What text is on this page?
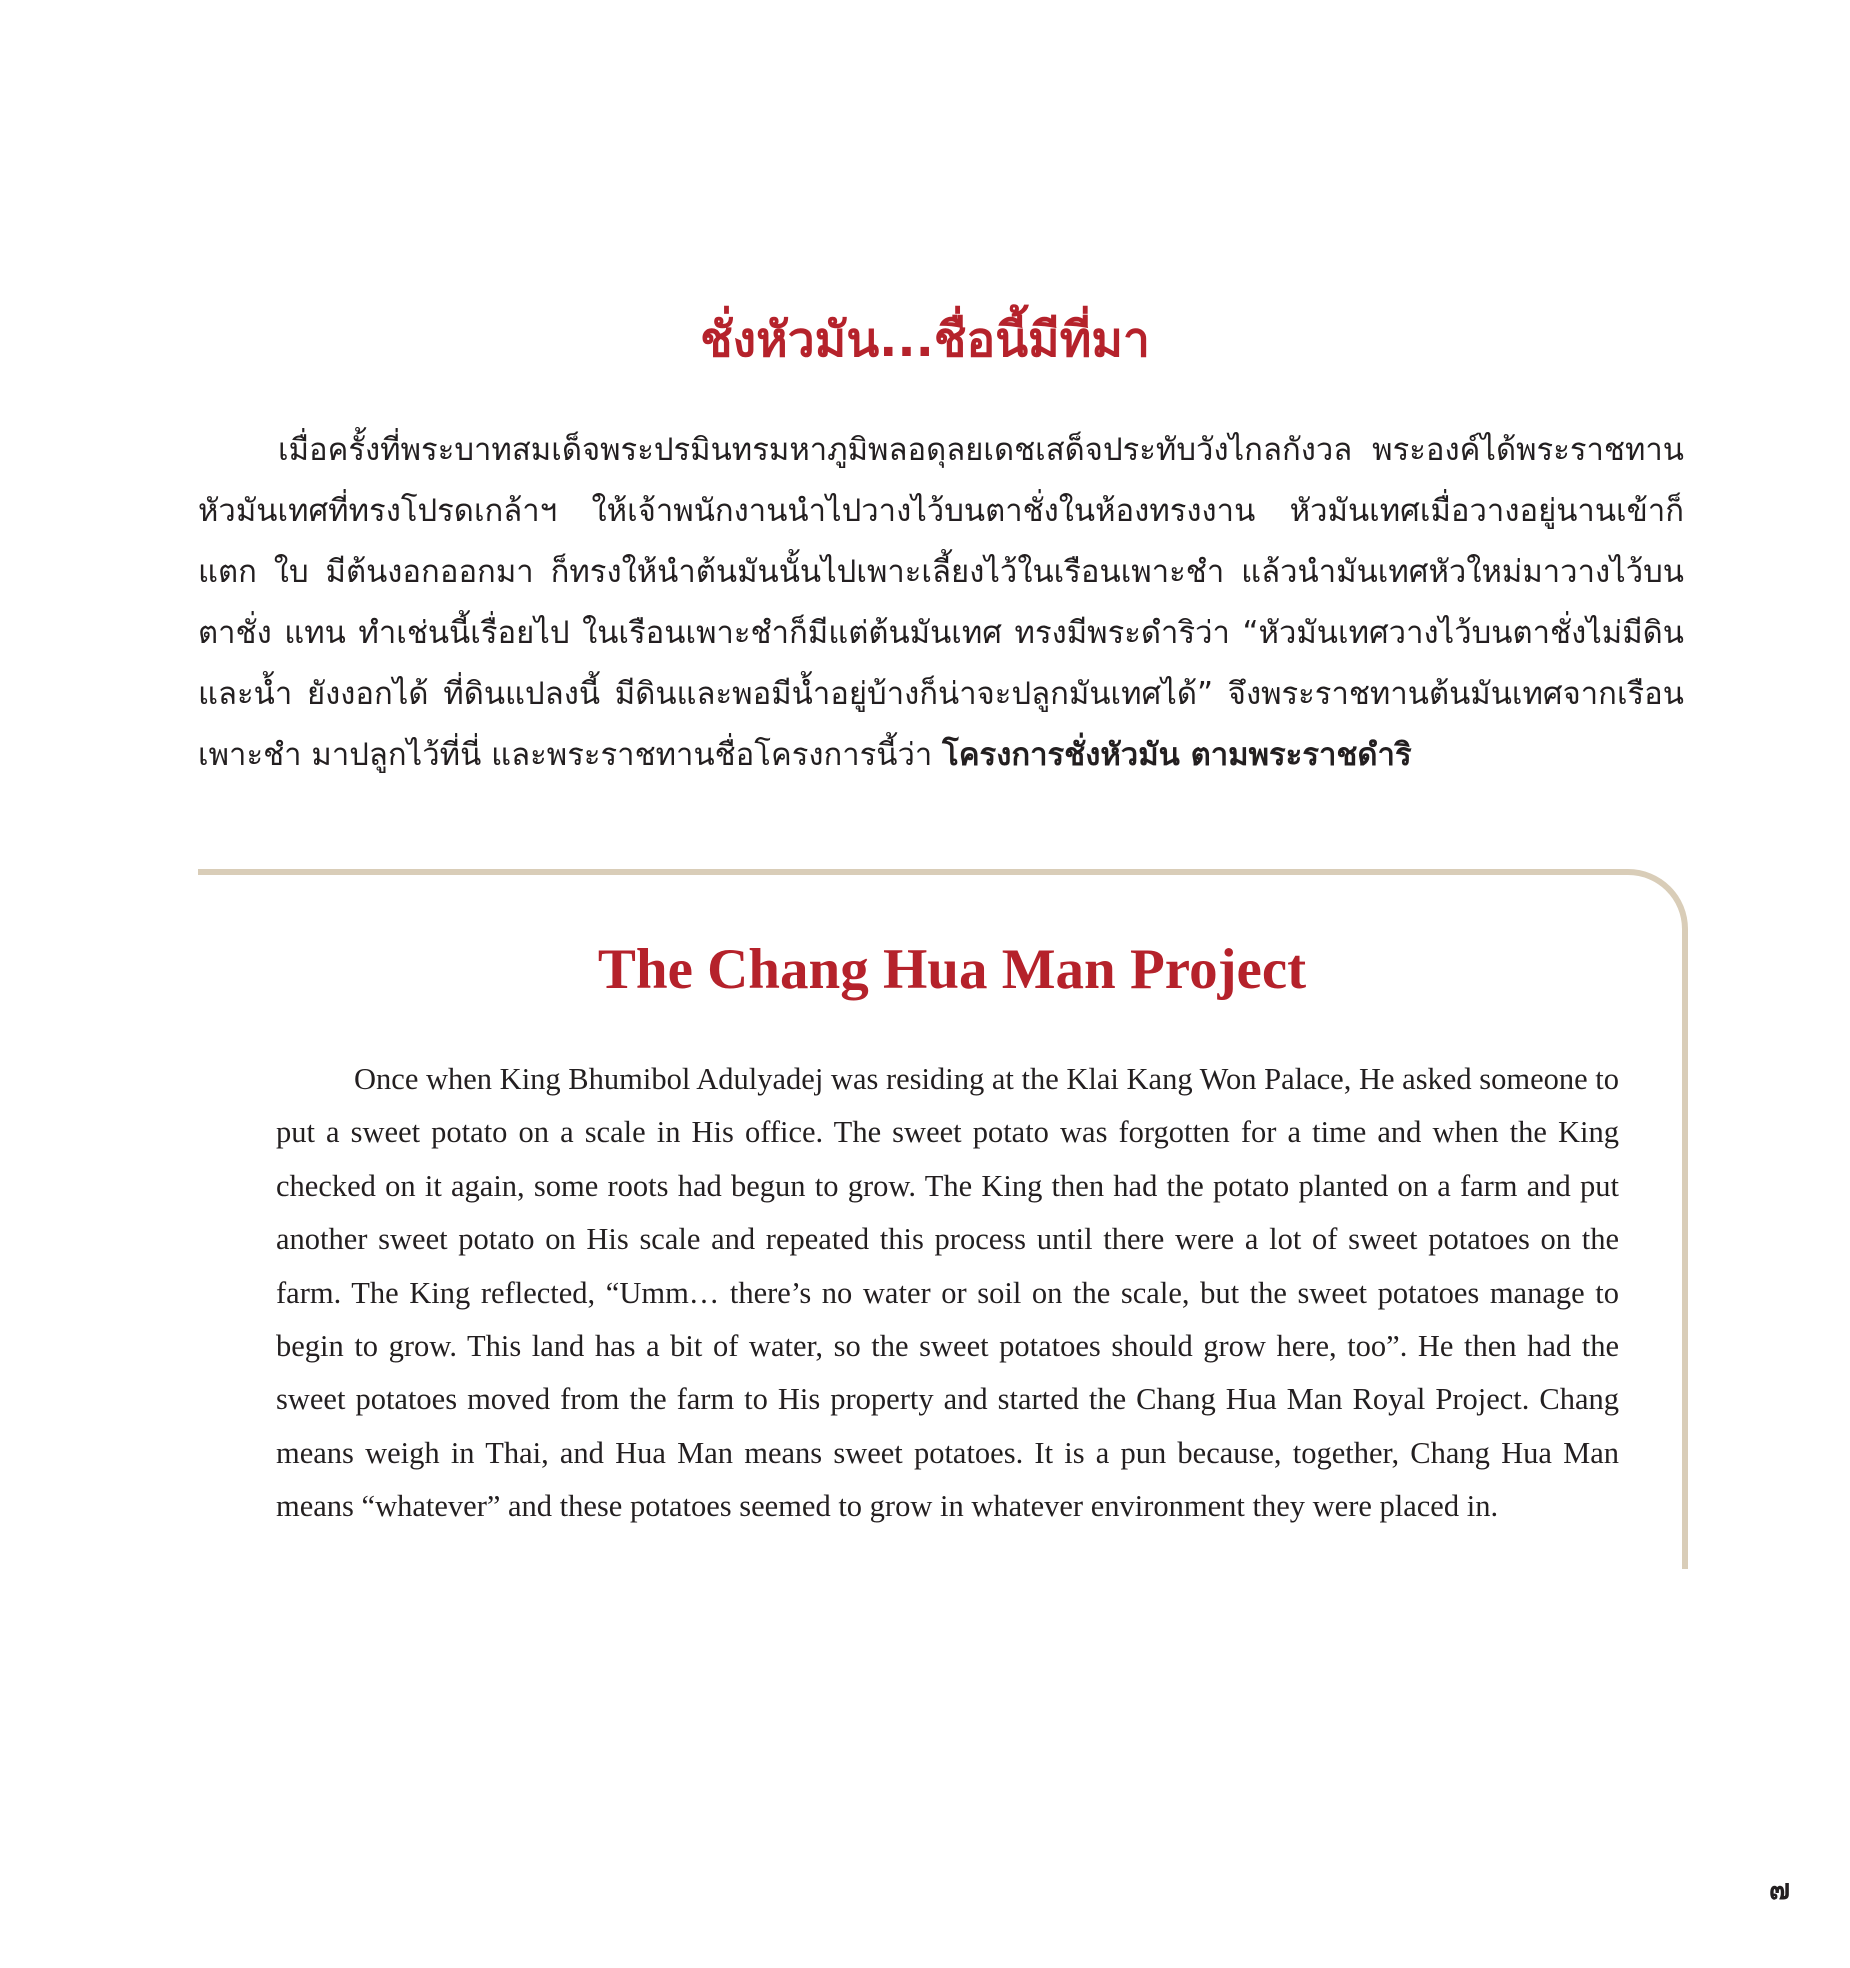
ชั่งหัวมัน...ชื่อนี้มีที่มา

เมื่อครั้งที่พระบาทสมเด็จพระปรมินทรมหาภูมิพลอดุลยเดชเสด็จประทับวังไกลกังวล พระองค์ได้พระราชทาน หัวมันเทศที่ทรงโปรดเกล้าฯ ให้เจ้าพนักงานนำไปวางไว้บนตาชั่งในห้องทรงงาน หัวมันเทศเมื่อวางอยู่นานเข้าก็แตก ใบ มีต้นงอกออกมา ก็ทรงให้นำต้นมันนั้นไปเพาะเลี้ยงไว้ในเรือนเพาะชำ แล้วนำมันเทศหัวใหม่มาวางไว้บนตาชั่ง แทน ทำเช่นนี้เรื่อยไป ในเรือนเพาะชำก็มีแต่ต้นมันเทศ ทรงมีพระดำริว่า “หัวมันเทศวางไว้บนตาชั่งไม่มีดินและน้ำ ยังงอกได้ ที่ดินแปลงนี้ มีดินและพอมีน้ำอยู่บ้างก็น่าจะปลูกมันเทศได้” จึงพระราชทานต้นมันเทศจากเรือนเพาะชำ มาปลูกไว้ที่นี่ และพระราชทานชื่อโครงการนี้ว่า โครงการชั่งหัวมัน ตามพระราชดำริ

The Chang Hua Man Project

Once when King Bhumibol Adulyadej was residing at the Klai Kang Won Palace, He asked someone to put a sweet potato on a scale in His office. The sweet potato was forgotten for a time and when the King checked on it again, some roots had begun to grow. The King then had the potato planted on a farm and put another sweet potato on His scale and repeated this process until there were a lot of sweet potatoes on the farm. The King reflected, “Umm… there’s no water or soil on the scale, but the sweet potatoes manage to begin to grow. This land has a bit of water, so the sweet potatoes should grow here, too”. He then had the sweet potatoes moved from the farm to His property and started the Chang Hua Man Royal Project. Chang means weigh in Thai, and Hua Man means sweet potatoes. It is a pun because, together, Chang Hua Man means “whatever” and these potatoes seemed to grow in whatever environment they were placed in.

๗
